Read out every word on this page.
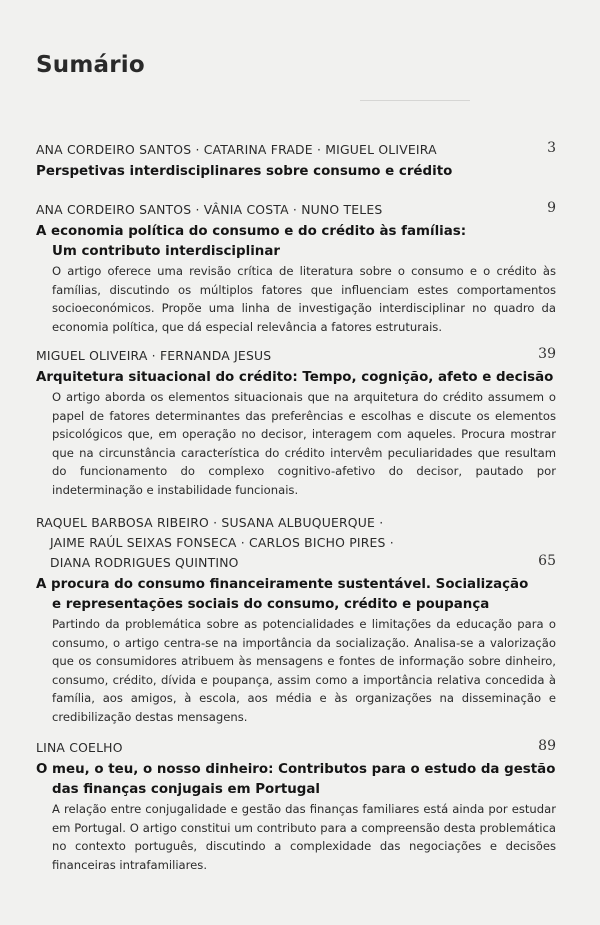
Sumário
ANA CORDEIRO SANTOS · CATARINA FRADE · MIGUEL OLIVEIRA	3
Perspetivas interdisciplinares sobre consumo e crédito
ANA CORDEIRO SANTOS · VÂNIA COSTA · NUNO TELES	9
A economia política do consumo e do crédito às famílias:
Um contributo interdisciplinar
O artigo oferece uma revisão crítica de literatura sobre o consumo e o crédito às famílias, discutindo os múltiplos fatores que influenciam estes comportamentos socioeconómicos. Propõe uma linha de investigação interdisciplinar no quadro da economia política, que dá especial relevância a fatores estruturais.
MIGUEL OLIVEIRA · FERNANDA JESUS	39
Arquitetura situacional do crédito: Tempo, cognição, afeto e decisão
O artigo aborda os elementos situacionais que na arquitetura do crédito assumem o papel de fatores determinantes das preferências e escolhas e discute os elementos psicológicos que, em operação no decisor, interagem com aqueles. Procura mostrar que na circunstância característica do crédito intervêm peculiaridades que resultam do funcionamento do complexo cognitivo-afetivo do decisor, pautado por indeterminação e instabilidade funcionais.
RAQUEL BARBOSA RIBEIRO · SUSANA ALBUQUERQUE ·
JAIME RAÚL SEIXAS FONSECA · CARLOS BICHO PIRES ·
DIANA RODRIGUES QUINTINO	65
A procura do consumo financeiramente sustentável. Socialização
e representações sociais do consumo, crédito e poupança
Partindo da problemática sobre as potencialidades e limitações da educação para o consumo, o artigo centra-se na importância da socialização. Analisa-se a valorização que os consumidores atribuem às mensagens e fontes de informação sobre dinheiro, consumo, crédito, dívida e poupança, assim como a importância relativa concedida à família, aos amigos, à escola, aos média e às organizações na disseminação e credibilização destas mensagens.
LINA COELHO	89
O meu, o teu, o nosso dinheiro: Contributos para o estudo da gestão
das finanças conjugais em Portugal
A relação entre conjugalidade e gestão das finanças familiares está ainda por estudar em Portugal. O artigo constitui um contributo para a compreensão desta problemática no contexto português, discutindo a complexidade das negociações e decisões financeiras intrafamiliares.
